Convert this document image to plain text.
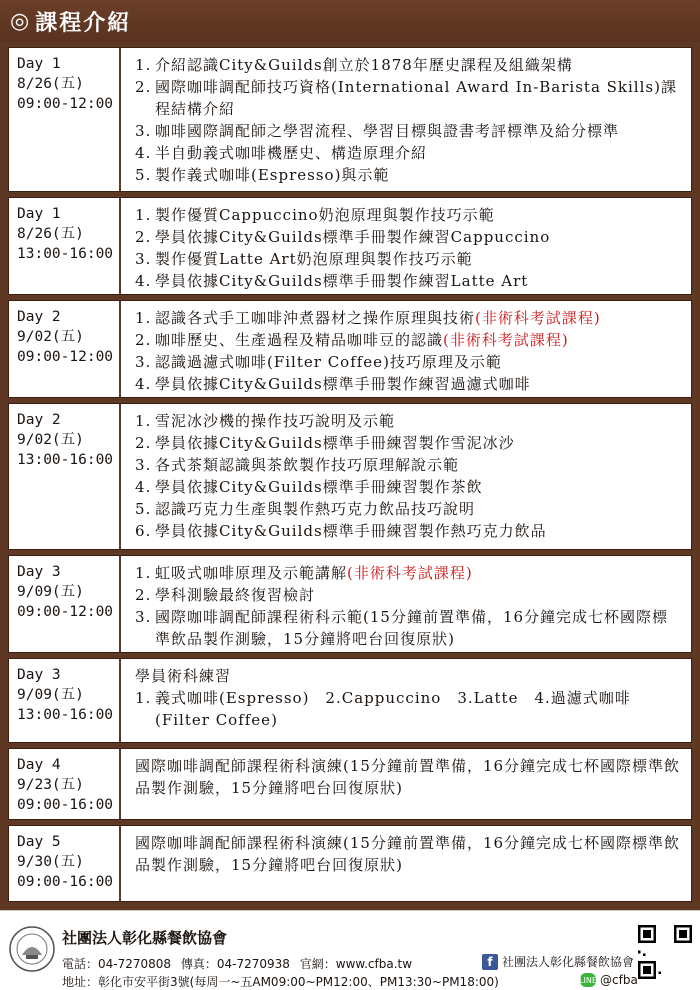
◎ 課程介紹
Day 1
8/26(五)
09:00-12:00
1. 介紹認識City&Guilds創立於1878年歷史課程及組織架構
2. 國際咖啡調配師技巧資格(International Award In-Barista Skills)課程結構介紹
3. 咖啡國際調配師之學習流程、學習目標與證書考評標準及給分標準
4. 半自動義式咖啡機歷史、構造原理介紹
5. 製作義式咖啡(Espresso)與示範
Day 1
8/26(五)
13:00-16:00
1. 製作優質Cappuccino奶泡原理與製作技巧示範
2. 學員依據City&Guilds標準手冊製作練習Cappuccino
3. 製作優質Latte Art奶泡原理與製作技巧示範
4. 學員依據City&Guilds標準手冊製作練習Latte Art
Day 2
9/02(五)
09:00-12:00
1. 認識各式手工咖啡沖煮器材之操作原理與技術(非術科考試課程)
2. 咖啡歷史、生產過程及精品咖啡豆的認識(非術科考試課程)
3. 認識過濾式咖啡(Filter Coffee)技巧原理及示範
4. 學員依據City&Guilds標準手冊製作練習過濾式咖啡
Day 2
9/02(五)
13:00-16:00
1. 雪泥冰沙機的操作技巧說明及示範
2. 學員依據City&Guilds標準手冊練習製作雪泥冰沙
3. 各式茶類認識與茶飲製作技巧原理解說示範
4. 學員依據City&Guilds標準手冊練習製作茶飲
5. 認識巧克力生產與製作熱巧克力飲品技巧說明
6. 學員依據City&Guilds標準手冊練習製作熱巧克力飲品
Day 3
9/09(五)
09:00-12:00
1. 虹吸式咖啡原理及示範講解(非術科考試課程)
2. 學科測驗最終復習檢討
3. 國際咖啡調配師課程術科示範(15分鐘前置準備，16分鐘完成七杯國際標準飲品製作測驗，15分鐘將吧台回復原狀)
Day 3
9/09(五)
13:00-16:00
學員術科練習
1. 義式咖啡(Espresso)　2.Cappuccino　3.Latte　4.過濾式咖啡(Filter Coffee)
Day 4
9/23(五)
09:00-16:00
國際咖啡調配師課程術科演練(15分鐘前置準備，16分鐘完成七杯國際標準飲品製作測驗，15分鐘將吧台回復原狀)
Day 5
9/30(五)
09:00-16:00
國際咖啡調配師課程術科演練(15分鐘前置準備，16分鐘完成七杯國際標準飲品製作測驗，15分鐘將吧台回復原狀)
社團法人彰化縣餐飲協會
電話：04-7270808 傳真：04-7270938 官網：www.cfba.tw	f 社團法人彰化縣餐飲協會
地址：彰化市安平街3號(每周一~五AM09:00~PM12:00、PM13:30~PM18:00)	LINE @cfba
